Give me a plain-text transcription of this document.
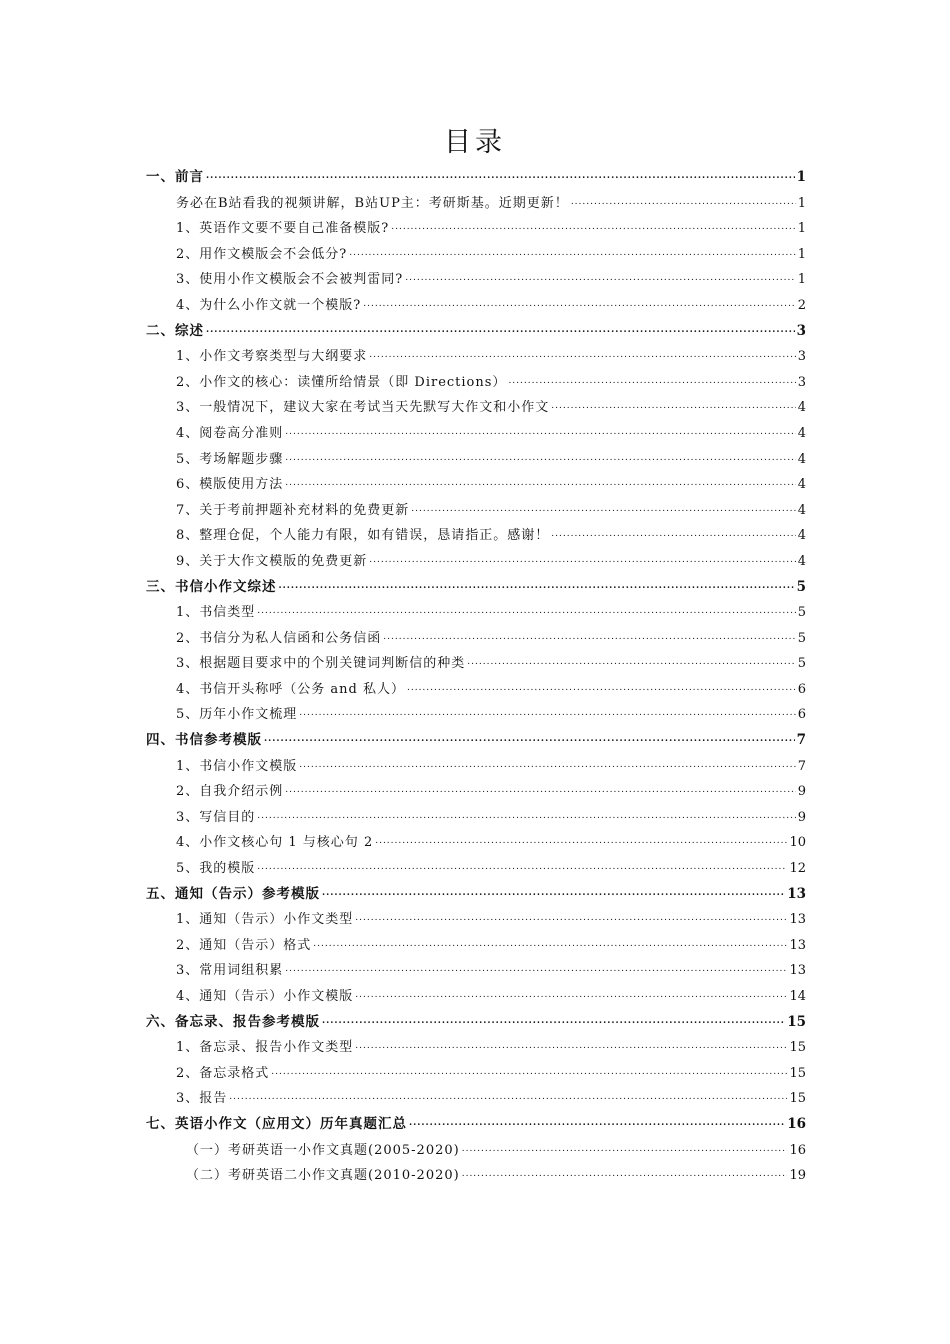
目录
一、前言 .....	1
务必在B站看我的视频讲解，B站UP主：考研斯基。近期更新！ .....	1
1、英语作文要不要自己准备模版? .....	1
2、用作文模版会不会低分? .....	1
3、使用小作文模版会不会被判雷同? .....	1
4、为什么小作文就一个模版? .....	2
二、综述 .....	3
1、小作文考察类型与大纲要求 .....	3
2、小作文的核心：读懂所给情景（即 Directions） .....	3
3、一般情况下，建议大家在考试当天先默写大作文和小作文 .....	4
4、阅卷高分准则 .....	4
5、考场解题步骤 .....	4
6、模版使用方法 .....	4
7、关于考前押题补充材料的免费更新 .....	4
8、整理仓促，个人能力有限，如有错误，恳请指正。感谢！ .....	4
9、关于大作文模版的免费更新 .....	4
三、书信小作文综述 .....	5
1、书信类型 .....	5
2、书信分为私人信函和公务信函 .....	5
3、根据题目要求中的个别关键词判断信的种类 .....	5
4、书信开头称呼（公务 and 私人） .....	6
5、历年小作文梳理 .....	6
四、书信参考模版 .....	7
1、书信小作文模版 .....	7
2、自我介绍示例 .....	9
3、写信目的 .....	9
4、小作文核心句 1 与核心句 2 .....	10
5、我的模版 .....	12
五、通知（告示）参考模版 .....	13
1、通知（告示）小作文类型 .....	13
2、通知（告示）格式 .....	13
3、常用词组积累 .....	13
4、通知（告示）小作文模版 .....	14
六、备忘录、报告参考模版 .....	15
1、备忘录、报告小作文类型 .....	15
2、备忘录格式 .....	15
3、报告 .....	15
七、英语小作文（应用文）历年真题汇总 .....	16
（一）考研英语一小作文真题(2005-2020) .....	16
（二）考研英语二小作文真题(2010-2020) .....	19
